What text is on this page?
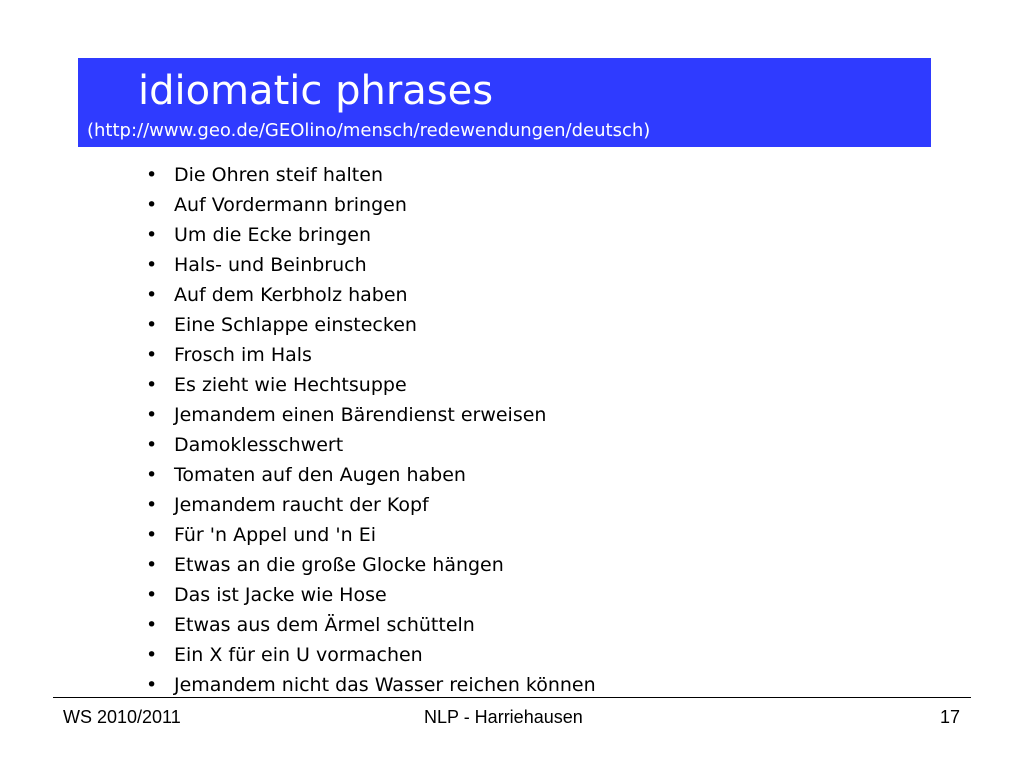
idiomatic phrases

(http://www.geo.de/GEOlino/mensch/redewendungen/deutsch)

• Die Ohren steif halten
• Auf Vordermann bringen
• Um die Ecke bringen
• Hals- und Beinbruch
• Auf dem Kerbholz haben
• Eine Schlappe einstecken
• Frosch im Hals
• Es zieht wie Hechtsuppe
• Jemandem einen Bärendienst erweisen
• Damoklesschwert
• Tomaten auf den Augen haben
• Jemandem raucht der Kopf
• Für 'n Appel und 'n Ei
• Etwas an die große Glocke hängen
• Das ist Jacke wie Hose
• Etwas aus dem Ärmel schütteln
• Ein X für ein U vormachen
• Jemandem nicht das Wasser reichen können
WS 2010/2011	NLP - Harriehausen	17
